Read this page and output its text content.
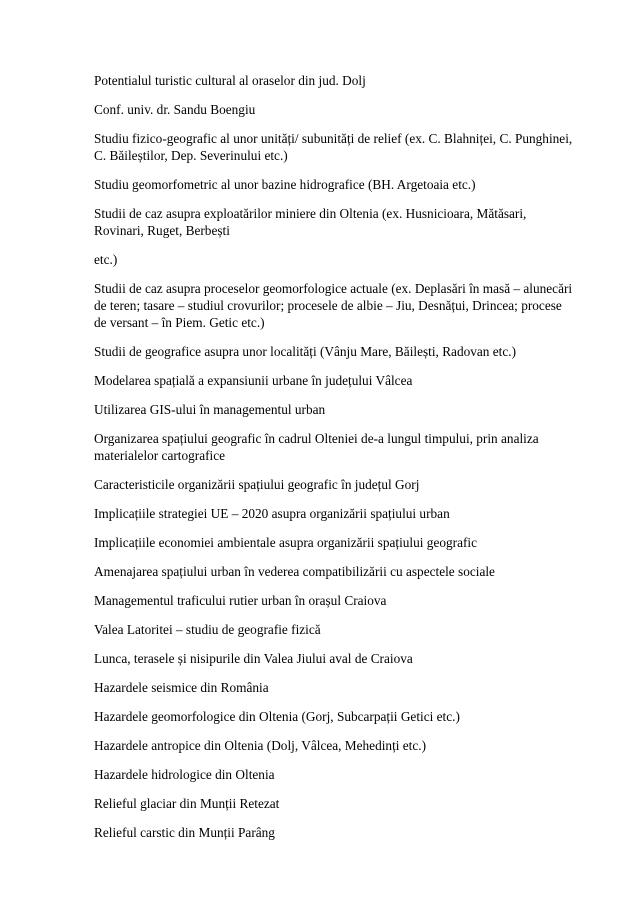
Potentialul turistic cultural al oraselor din jud. Dolj

Conf. univ. dr. Sandu Boengiu

Studiu fizico-geografic al unor unități/ subunități de relief (ex. C. Blahniței, C. Punghinei, C. Băileștilor, Dep. Severinului etc.)

Studiu geomorfometric al unor bazine hidrografice (BH. Argetoaia etc.)

Studii de caz asupra exploatărilor miniere din Oltenia (ex. Husnicioara, Mătăsari, Rovinari, Ruget, Berbești

etc.)

Studii de caz asupra proceselor geomorfologice actuale (ex. Deplasări în masă – alunecări de teren; tasare – studiul crovurilor; procesele de albie – Jiu, Desnățui, Drincea; procese de versant – în Piem. Getic etc.)

Studii de geografice asupra unor localități (Vânju Mare, Băilești, Radovan etc.)

Modelarea spațială a expansiunii urbane în județului Vâlcea

Utilizarea GIS-ului în managementul urban

Organizarea spațiului geografic în cadrul Olteniei de-a lungul timpului, prin analiza materialelor cartografice

Caracteristicile organizării spațiului geografic în județul Gorj

Implicațiile strategiei UE – 2020 asupra organizării spațiului urban

Implicațiile economiei ambientale asupra organizării spațiului geografic

Amenajarea spațiului urban în vederea compatibilizării cu aspectele sociale

Managementul traficului rutier urban în orașul Craiova

Valea Latoritei – studiu de geografie fizică

Lunca, terasele și nisipurile din Valea Jiului aval de Craiova

Hazardele seismice din România

Hazardele geomorfologice din Oltenia (Gorj, Subcarpații Getici etc.)

Hazardele antropice din Oltenia (Dolj, Vâlcea, Mehedinți etc.)

Hazardele hidrologice din Oltenia

Relieful glaciar din Munții Retezat

Relieful carstic din Munții Parâng
